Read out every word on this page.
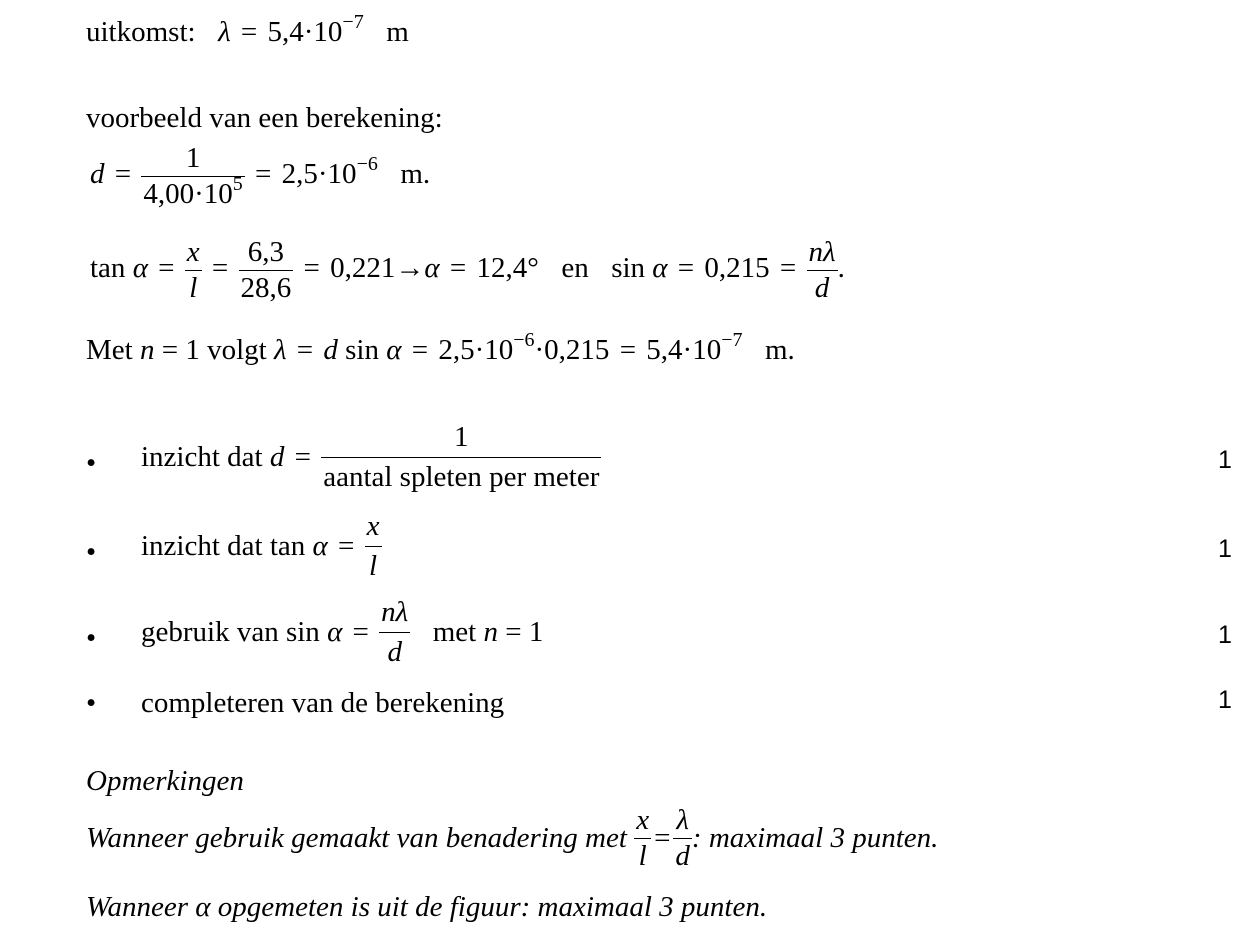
uitkomst: $\lambda = 5,4\cdot 10^{-7}$ m
voorbeeld van een berekening:
$d = \frac{1}{4,00\cdot 10^5} = 2,5\cdot 10^{-6}$ m.
$\tan \alpha = \frac{x}{l} = \frac{6,3}{28,6} = 0,221\to\alpha = 12,4^\circ$ en $\sin \alpha = 0,215 = \frac{n\lambda}{d}$ .
Met n = 1 volgt λ = d $\sin \alpha = 2,5\cdot 10^{-6}\cdot 0,215 = 5,4\cdot 10^{-7}$ m.
• inzicht dat $d = \frac{1}{\text{aantal spleten per meter}}$	1
• inzicht dat $\tan \alpha = \frac{x}{l}$	1
• gebruik van $\sin \alpha = \frac{n\lambda}{d}$ met n = 1	1
• completeren van de berekening	1
Opmerkingen
Wanneer gebruik gemaakt van benadering met $\frac{x}{l} = \frac{\lambda}{d}$ : maximaal 3 punten.
Wanneer α opgemeten is uit de figuur: maximaal 3 punten.
